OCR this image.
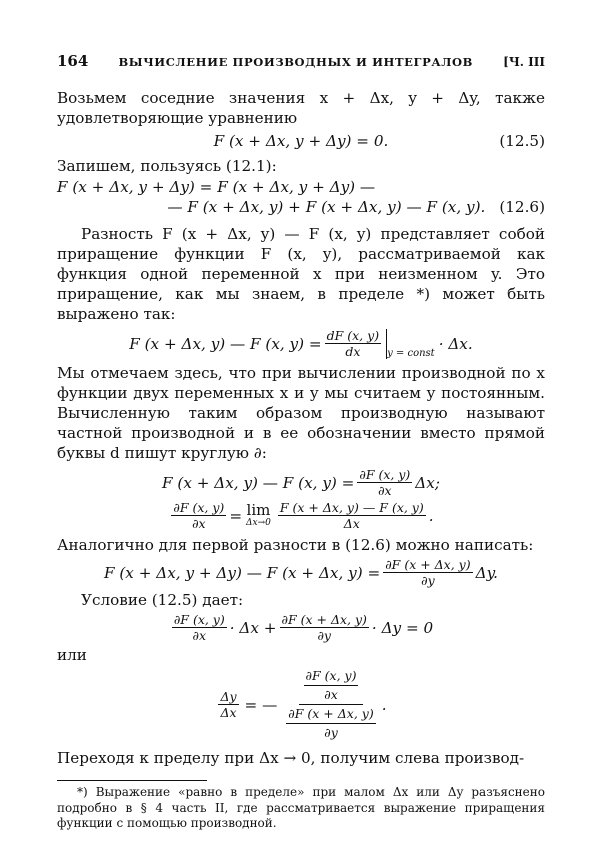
164	ВЫЧИСЛЕНИЕ ПРОИЗВОДНЫХ И ИНТЕГРАЛОВ	[Ч. III

Возьмем соседние значения x + Δx, y + Δy, также удовлетворяющие уравнению

F (x + Δx, y + Δy) = 0.	(12.5)

Запишем, пользуясь (12.1):

F (x + Δx, y + Δy) = F (x + Δx, y + Δy) —
— F (x + Δx, y) + F (x + Δx, y) — F (x, y). (12.6)

Разность F (x + Δx, y) — F (x, y) представляет собой приращение функции F (x, y), рассматриваемой как функция одной переменной x при неизменном y. Это приращение, как мы знаем, в пределе *) может быть выражено так:

F (x + Δx, y) — F (x, $y) = \frac{dF (x, y)}{dx}$ y = const
· Δx.

Мы отмечаем здесь, что при вычислении производной по x функции двух переменных x и y мы считаем y постоянным. Вычисленную таким образом производную называют частной производной и в ее обозначении вместо прямой буквы d пишут круглую ∂:

F (x + Δx, y) — F (x, $y) = \frac{\partial F (x, y)}{\partial x} \Delta x$;
$\frac{\partial F (x, y)}{\partial x} = \lim$
$\Delta x\to 0 \frac{F (x + \Delta x, y) — F (x, y)}{\Delta x}$ .

Аналогично для первой разности в (12.6) можно написать:

F (x + Δx, y + Δy) — F (x + Δx, $y) = \frac{\partial F (x + \Delta x, y)}{\partial y} \Delta y$.

Условие (12.5) дает:

$\frac{\partial F (x, y)}{\partial x} \cdot \Delta x + \frac{\partial F (x + \Delta x, y)}{\partial y} \cdot \Delta y = 0$

или

$\frac{\Delta y}{\Delta x}$ = — $\frac{\frac{\partial F (x, y)}{\partial x}}{\frac{\partial F (x + \Delta x, y)}{\partial y}}$ .

Переходя к пределу при Δx → 0, получим слева производ-

*) Выражение «равно в пределе» при малом Δx или Δy разъяснено подробно в § 4 часть II, где рассматривается выражение приращения функции с помощью производной.
